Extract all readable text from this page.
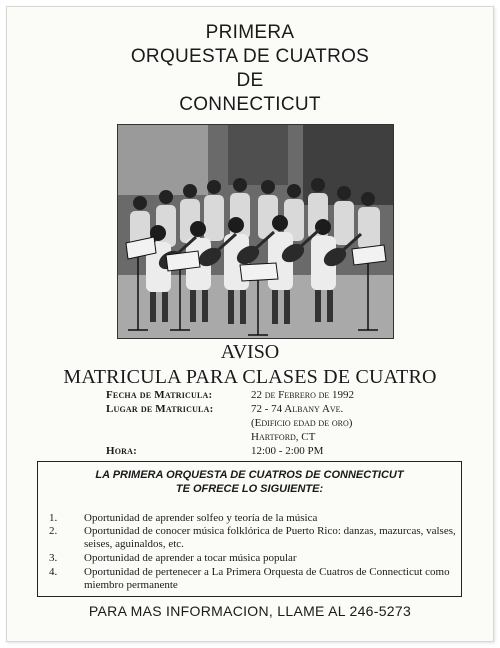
PRIMERA
ORQUESTA DE CUATROS
DE
CONNECTICUT
AVISO
MATRICULA PARA CLASES DE CUATRO
Fecha de Matricula:	22 de Febrero de 1992
Lugar de Matricula:	72 - 74 Albany Ave.
(Edificio edad de oro)
Hartford, CT
Hora:	12:00 - 2:00 PM
LA PRIMERA ORQUESTA DE CUATROS DE CONNECTICUT
TE OFRECE LO SIGUIENTE:
1. Oportunidad de aprender solfeo y teoría de la música
2. Oportunidad de conocer música folklórica de Puerto Rico: danzas, mazurcas, valses, seises, aguinaldos, etc.
3. Oportunidad de aprender a tocar música popular
4. Oportunidad de pertenecer a La Primera Orquesta de Cuatros de Connecticut como miembro permanente
PARA MAS INFORMACION, LLAME AL 246-5273
